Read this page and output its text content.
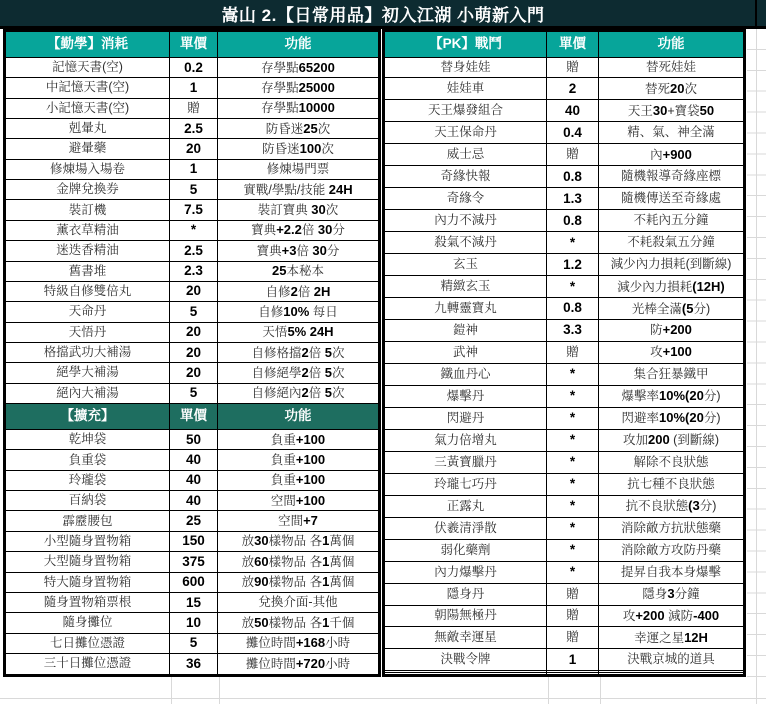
嵩山 2.【日常用品】初入江湖 小萌新入門
【勤學】消耗	單價	功能
記憶天書(空)	0.2	存學點65200
中記憶天書(空)	1	存學點25000
小記憶天書(空)	贈	存學點10000
剋暈丸	2.5	防昏迷25次
避暈藥	20	防昏迷100次
修煉場入場卷	1	修煉場門票
金牌兌換券	5	實戰/學點/技能 24H
裝訂機	7.5	裝訂寶典 30次
薰衣草精油	*	寶典+2.2倍 30分
迷迭香精油	2.5	寶典+3倍 30分
舊書堆	2.3	25本秘本
特級自修雙倍丸	20	自修2倍 2H
天命丹	5	自修10% 每日
天悟丹	20	天悟5% 24H
格擋武功大補湯	20	自修格擋2倍 5次
絕學大補湯	20	自修絕學2倍 5次
絕內大補湯	5	自修絕內2倍 5次
【擴充】	單價	功能
乾坤袋	50	負重+100
負重袋	40	負重+100
玲瓏袋	40	負重+100
百納袋	40	空間+100
霹靂腰包	25	空間+7
小型隨身置物箱	150	放30樣物品 各1萬個
大型隨身置物箱	375	放60樣物品 各1萬個
特大隨身置物箱	600	放90樣物品 各1萬個
隨身置物箱票根	15	兌換介面-其他
隨身攤位	10	放50樣物品 各1千個
七日攤位憑證	5	攤位時間+168小時
三十日攤位憑證	36	攤位時間+720小時
【PK】戰鬥	單價	功能
替身娃娃	贈	替死娃娃
娃娃車	2	替死20次
天王爆發組合	40	天王30+寶袋50
天王保命丹	0.4	精、氣、神全滿
威士忌	贈	內+900
奇緣快報	0.8	隨機報導奇緣座標
奇緣令	1.3	隨機傳送至奇緣處
內力不減丹	0.8	不耗內五分鐘
殺氣不減丹	*	不耗殺氣五分鐘
玄玉	1.2	減少內力損耗(到斷線)
精緻玄玉	*	減少內力損耗(12H)
九轉靈寶丸	0.8	光棒全滿(5分)
鎧神	3.3	防+200
武神	贈	攻+100
鐵血丹心	*	集合狂暴鐵甲
爆擊丹	*	爆擊率10%(20分)
閃避丹	*	閃避率10%(20分)
氣力倍增丸	*	攻加200 (到斷線)
三黃寶臘丹	*	解除不良狀態
玲瓏七巧丹	*	抗七種不良狀態
正露丸	*	抗不良狀態(3分)
伏羲清淨散	*	消除敵方抗狀態藥
弱化藥劑	*	消除敵方攻防丹藥
內力爆擊丹	*	提昇自我本身爆擊
隱身丹	贈	隱身3分鐘
朝陽無極丹	贈	攻+200 減防-400
無敵幸運星	贈	幸運之星12H
決戰令牌	1	決戰京城的道具
